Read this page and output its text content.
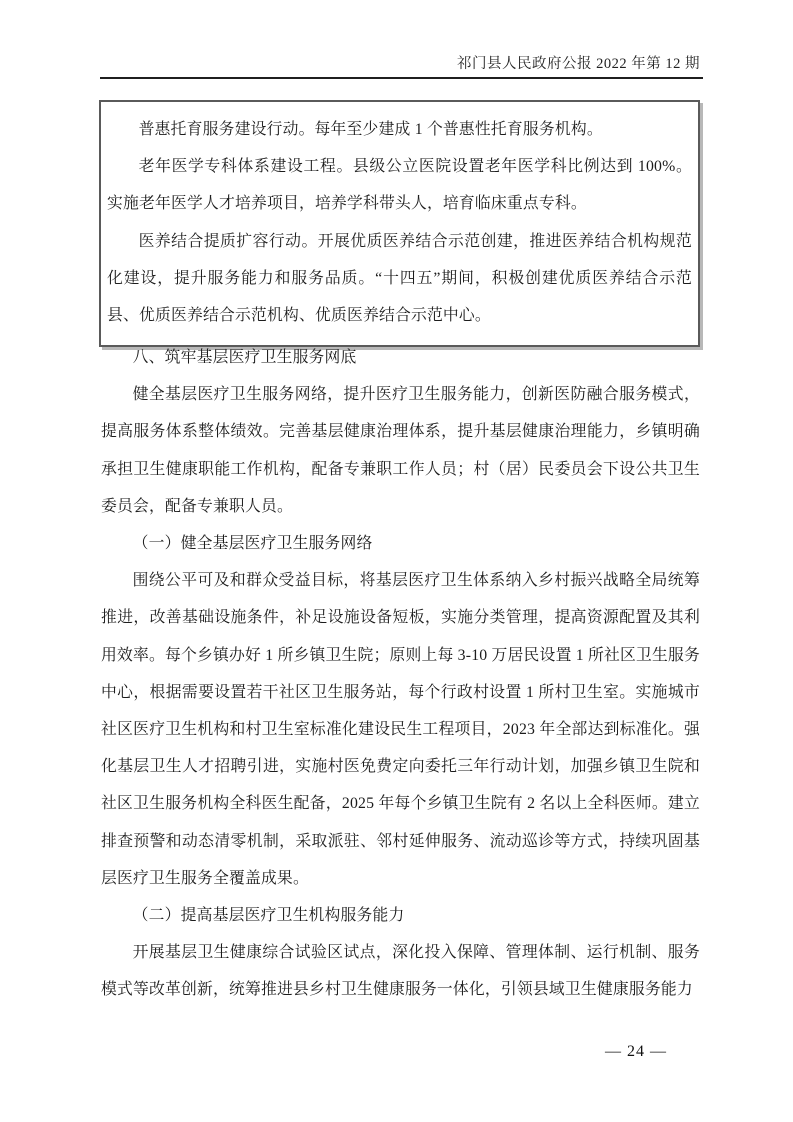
祁门县人民政府公报 2022 年第 12 期

普惠托育服务建设行动。每年至少建成 1 个普惠性托育服务机构。

老年医学专科体系建设工程。县级公立医院设置老年医学科比例达到 100%。实施老年医学人才培养项目，培养学科带头人，培育临床重点专科。

医养结合提质扩容行动。开展优质医养结合示范创建，推进医养结合机构规范化建设，提升服务能力和服务品质。“十四五”期间，积极创建优质医养结合示范县、优质医养结合示范机构、优质医养结合示范中心。

八、筑牢基层医疗卫生服务网底

健全基层医疗卫生服务网络，提升医疗卫生服务能力，创新医防融合服务模式，提高服务体系整体绩效。完善基层健康治理体系，提升基层健康治理能力，乡镇明确承担卫生健康职能工作机构，配备专兼职工作人员；村（居）民委员会下设公共卫生委员会，配备专兼职人员。

（一）健全基层医疗卫生服务网络

围绕公平可及和群众受益目标，将基层医疗卫生体系纳入乡村振兴战略全局统筹推进，改善基础设施条件，补足设施设备短板，实施分类管理，提高资源配置及其利用效率。每个乡镇办好 1 所乡镇卫生院；原则上每 3-10 万居民设置 1 所社区卫生服务中心，根据需要设置若干社区卫生服务站，每个行政村设置 1 所村卫生室。实施城市社区医疗卫生机构和村卫生室标准化建设民生工程项目，2023 年全部达到标准化。强化基层卫生人才招聘引进，实施村医免费定向委托三年行动计划，加强乡镇卫生院和社区卫生服务机构全科医生配备，2025 年每个乡镇卫生院有 2 名以上全科医师。建立排查预警和动态清零机制，采取派驻、邻村延伸服务、流动巡诊等方式，持续巩固基层医疗卫生服务全覆盖成果。

（二）提高基层医疗卫生机构服务能力

开展基层卫生健康综合试验区试点，深化投入保障、管理体制、运行机制、服务模式等改革创新，统筹推进县乡村卫生健康服务一体化，引领县域卫生健康服务能力

— 24 —
